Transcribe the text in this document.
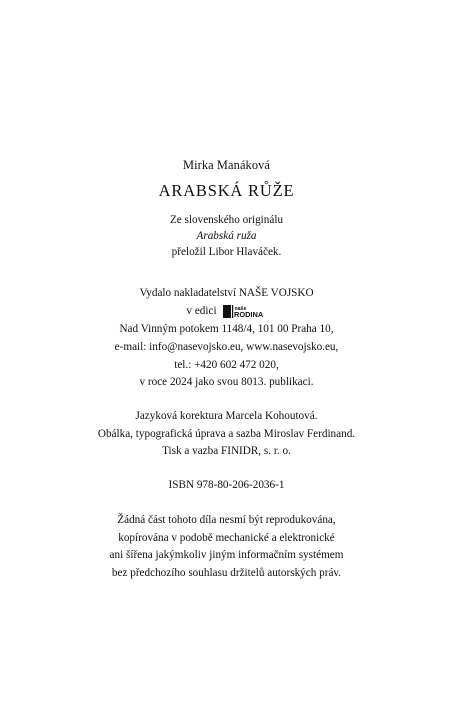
Mirka Manáková
ARABSKÁ RŮŽE
Ze slovenského originálu
Arabská ruža
přeložil Libor Hlaváček.
Vydalo nakladatelství NAŠE VOJSKO
v edici	naše
RODINA
Nad Vinným potokem 1148/4, 101 00 Praha 10,
e-mail: info@nasevojsko.eu, www.nasevojsko.eu,
tel.: +420 602 472 020,
v roce 2024 jako svou 8013. publikaci.
Jazyková korektura Marcela Kohoutová.
Obálka, typografická úprava a sazba Miroslav Ferdinand.
Tisk a vazba FINIDR, s. r. o.
ISBN 978-80-206-2036-1
Žádná část tohoto díla nesmí být reprodukována,
kopírována v podobě mechanické a elektronické
ani šířena jakýmkoliv jiným informačním systémem
bez předchozího souhlasu držitelů autorských práv.
